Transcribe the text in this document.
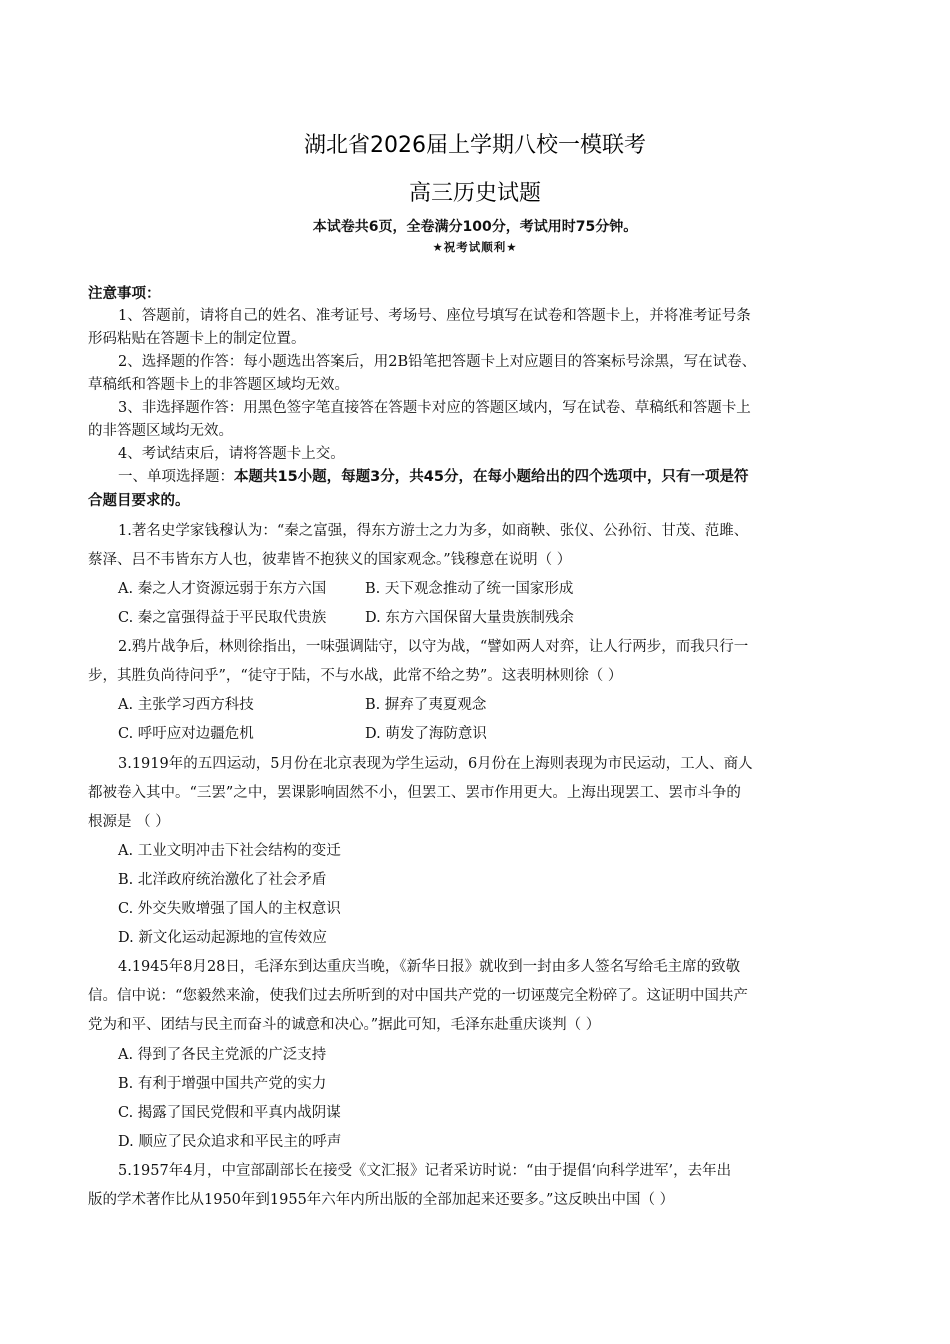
湖北省2026届上学期八校一模联考
高三历史试题
本试卷共6页，全卷满分100分，考试用时75分钟。
★祝考试顺利★
注意事项：
1、答题前，请将自己的姓名、准考证号、考场号、座位号填写在试卷和答题卡上，并将准考证号条
形码粘贴在答题卡上的制定位置。
2、选择题的作答：每小题选出答案后，用2B铅笔把答题卡上对应题目的答案标号涂黑，写在试卷、
草稿纸和答题卡上的非答题区域均无效。
3、非选择题作答：用黑色签字笔直接答在答题卡对应的答题区域内，写在试卷、草稿纸和答题卡上
的非答题区域均无效。
4、考试结束后，请将答题卡上交。
一、单项选择题：本题共15小题，每题3分，共45分，在每小题给出的四个选项中，只有一项是符
合题目要求的。
1.著名史学家钱穆认为：“秦之富强，得东方游士之力为多，如商鞅、张仪、公孙衍、甘茂、范雎、
蔡泽、吕不韦皆东方人也，彼辈皆不抱狭义的国家观念。”钱穆意在说明（ ）
A. 秦之人才资源远弱于东方六国	B. 天下观念推动了统一国家形成
C. 秦之富强得益于平民取代贵族	D. 东方六国保留大量贵族制残余
2.鸦片战争后，林则徐指出，一味强调陆守，以守为战，“譬如两人对弈，让人行两步，而我只行一
步，其胜负尚待问乎”，“徒守于陆，不与水战，此常不给之势”。这表明林则徐（ ）
A. 主张学习西方科技	B. 摒弃了夷夏观念
C. 呼吁应对边疆危机	D. 萌发了海防意识
3.1919年的五四运动，5月份在北京表现为学生运动，6月份在上海则表现为市民运动，工人、商人
都被卷入其中。“三罢”之中，罢课影响固然不小，但罢工、罢市作用更大。上海出现罢工、罢市斗争的
根源是 （ ）
A. 工业文明冲击下社会结构的变迁
B. 北洋政府统治激化了社会矛盾
C. 外交失败增强了国人的主权意识
D. 新文化运动起源地的宣传效应
4.1945年8月28日，毛泽东到达重庆当晚，《新华日报》就收到一封由多人签名写给毛主席的致敬
信。信中说：“您毅然来渝，使我们过去所听到的对中国共产党的一切诬蔑完全粉碎了。这证明中国共产
党为和平、团结与民主而奋斗的诚意和决心。”据此可知，毛泽东赴重庆谈判（ ）
A. 得到了各民主党派的广泛支持
B. 有利于增强中国共产党的实力
C. 揭露了国民党假和平真内战阴谋
D. 顺应了民众追求和平民主的呼声
5.1957年4月，中宣部副部长在接受《文汇报》记者采访时说：“由于提倡‘向科学进军’，去年出
版的学术著作比从1950年到1955年六年内所出版的全部加起来还要多。”这反映出中国（ ）
